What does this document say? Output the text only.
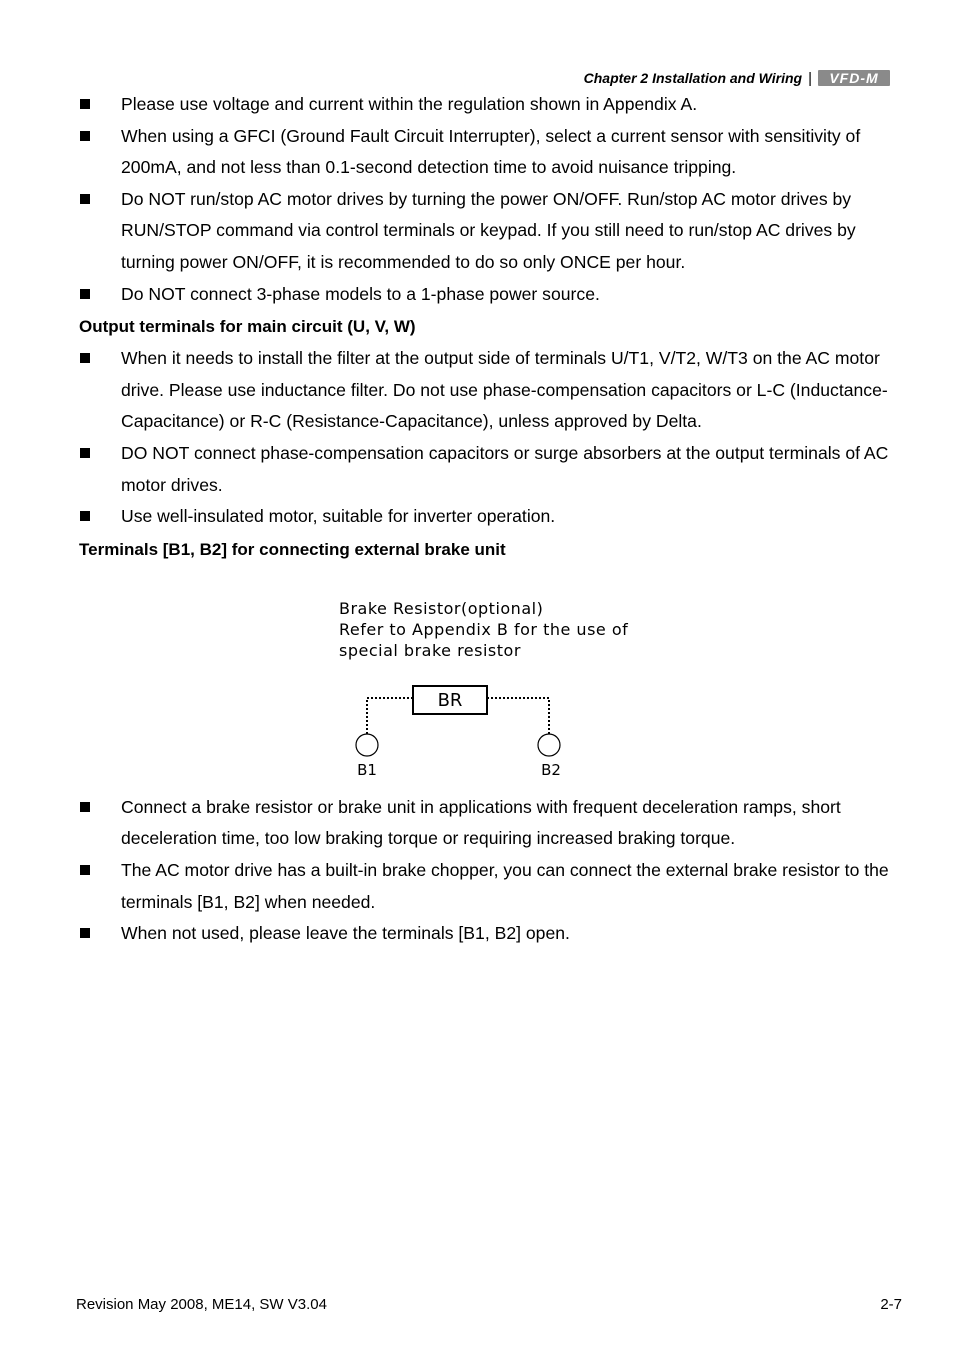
Chapter 2 Installation and Wiring |	VFD-M
Please use voltage and current within the regulation shown in Appendix A.
When using a GFCI (Ground Fault Circuit Interrupter), select a current sensor with sensitivity of 200mA, and not less than 0.1-second detection time to avoid nuisance tripping.
Do NOT run/stop AC motor drives by turning the power ON/OFF. Run/stop AC motor drives by RUN/STOP command via control terminals or keypad. If you still need to run/stop AC drives by turning power ON/OFF, it is recommended to do so only ONCE per hour.
Do NOT connect 3-phase models to a 1-phase power source.
Output terminals for main circuit (U, V, W)
When it needs to install the filter at the output side of terminals U/T1, V/T2, W/T3 on the AC motor drive. Please use inductance filter. Do not use phase-compensation capacitors or L-C (Inductance-Capacitance) or R-C (Resistance-Capacitance), unless approved by Delta.
DO NOT connect phase-compensation capacitors or surge absorbers at the output terminals of AC motor drives.
Use well-insulated motor, suitable for inverter operation.
Terminals [B1, B2] for connecting external brake unit
Brake Resistor(optional)
Refer to Appendix B for the use of
special brake resistor
BR
B1	B2
Connect a brake resistor or brake unit in applications with frequent deceleration ramps, short deceleration time, too low braking torque or requiring increased braking torque.
The AC motor drive has a built-in brake chopper, you can connect the external brake resistor to the terminals [B1, B2] when needed.
When not used, please leave the terminals [B1, B2] open.
Revision May 2008, ME14, SW V3.04	2-7
